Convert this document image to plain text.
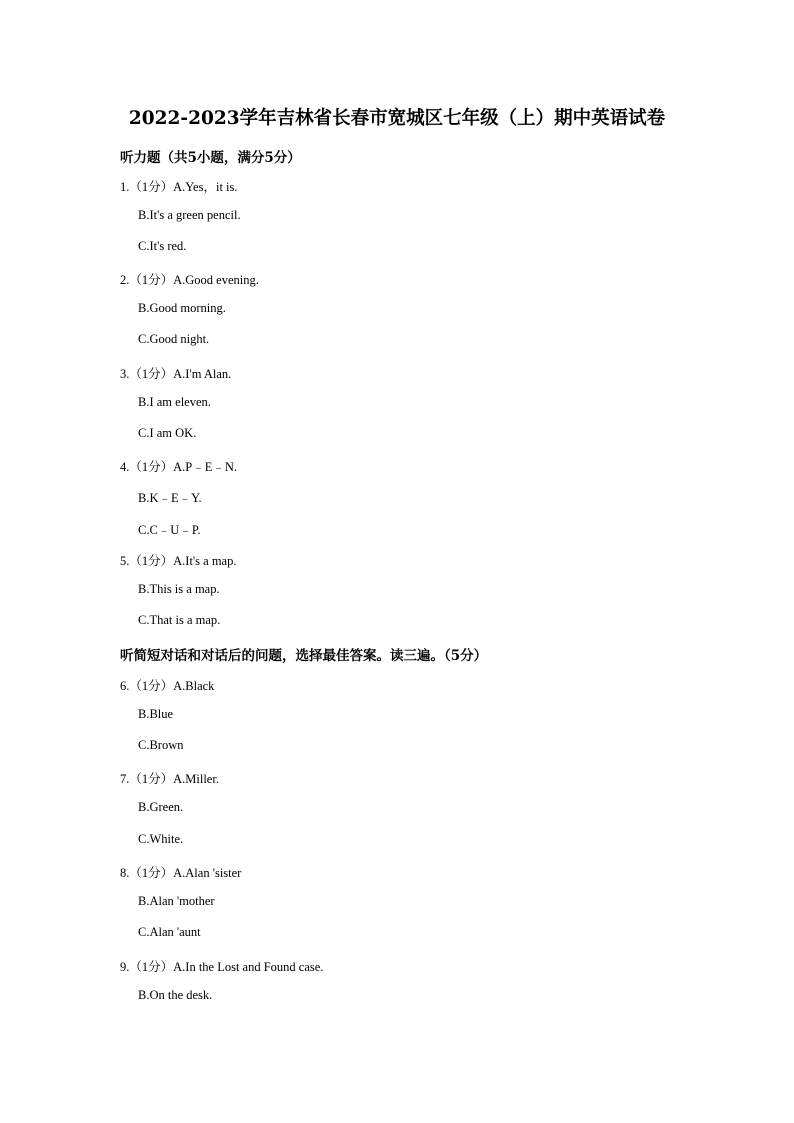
2022-2023学年吉林省长春市宽城区七年级（上）期中英语试卷
听力题（共5小题，满分5分）
1.（1分）A.Yes，it is.
B.It's a green pencil.
C.It's red.
2.（1分）A.Good evening.
B.Good morning.
C.Good night.
3.（1分）A.I'm Alan.
B.I am eleven.
C.I am OK.
4.（1分）A.P﹣E﹣N.
B.K﹣E﹣Y.
C.C﹣U﹣P.
5.（1分）A.It's a map.
B.This is a map.
C.That is a map.
听简短对话和对话后的问题，选择最佳答案。读三遍。（5分）
6.（1分）A.Black
B.Blue
C.Brown
7.（1分）A.Miller.
B.Green.
C.White.
8.（1分）A.Alan 'sister
B.Alan 'mother
C.Alan 'aunt
9.（1分）A.In the Lost and Found case.
B.On the desk.
